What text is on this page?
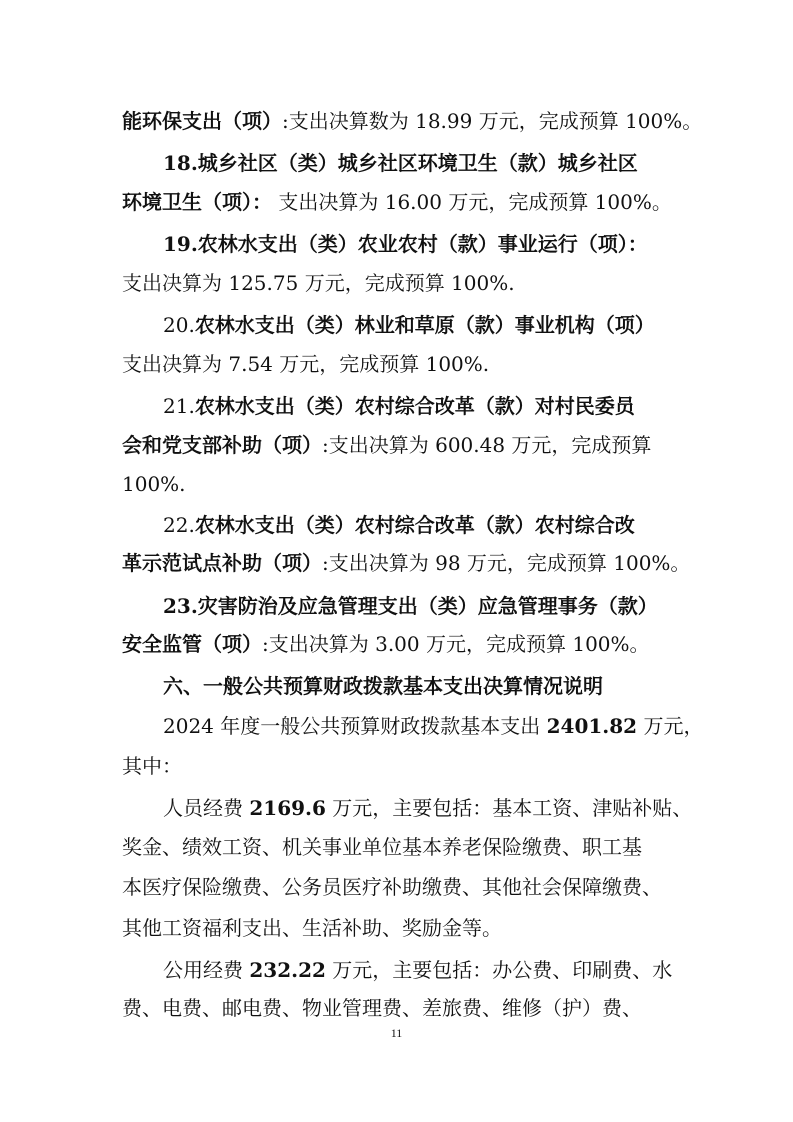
能环保支出（项）:支出决算数为 18.99 万元，完成预算 100%。
18.城乡社区（类）城乡社区环境卫生（款）城乡社区
环境卫生（项）： 支出决算为 16.00 万元，完成预算 100%。
19.农林水支出（类）农业农村（款）事业运行（项）：
支出决算为 125.75 万元，完成预算 100%.
20.农林水支出（类）林业和草原（款）事业机构（项）
支出决算为 7.54 万元，完成预算 100%.
21.农林水支出（类）农村综合改革（款）对村民委员
会和党支部补助（项）:支出决算为 600.48 万元，完成预算
100%.
22.农林水支出（类）农村综合改革（款）农村综合改
革示范试点补助（项）:支出决算为 98 万元，完成预算 100%。
23.灾害防治及应急管理支出（类）应急管理事务（款）
安全监管（项）:支出决算为 3.00 万元，完成预算 100%。
六、一般公共预算财政拨款基本支出决算情况说明
2024 年度一般公共预算财政拨款基本支出 2401.82 万元，
其中：
人员经费 2169.6 万元，主要包括：基本工资、津贴补贴、
奖金、绩效工资、机关事业单位基本养老保险缴费、职工基
本医疗保险缴费、公务员医疗补助缴费、其他社会保障缴费、
其他工资福利支出、生活补助、奖励金等。
公用经费 232.22 万元，主要包括：办公费、印刷费、水
费、电费、邮电费、物业管理费、差旅费、维修（护）费、
11
